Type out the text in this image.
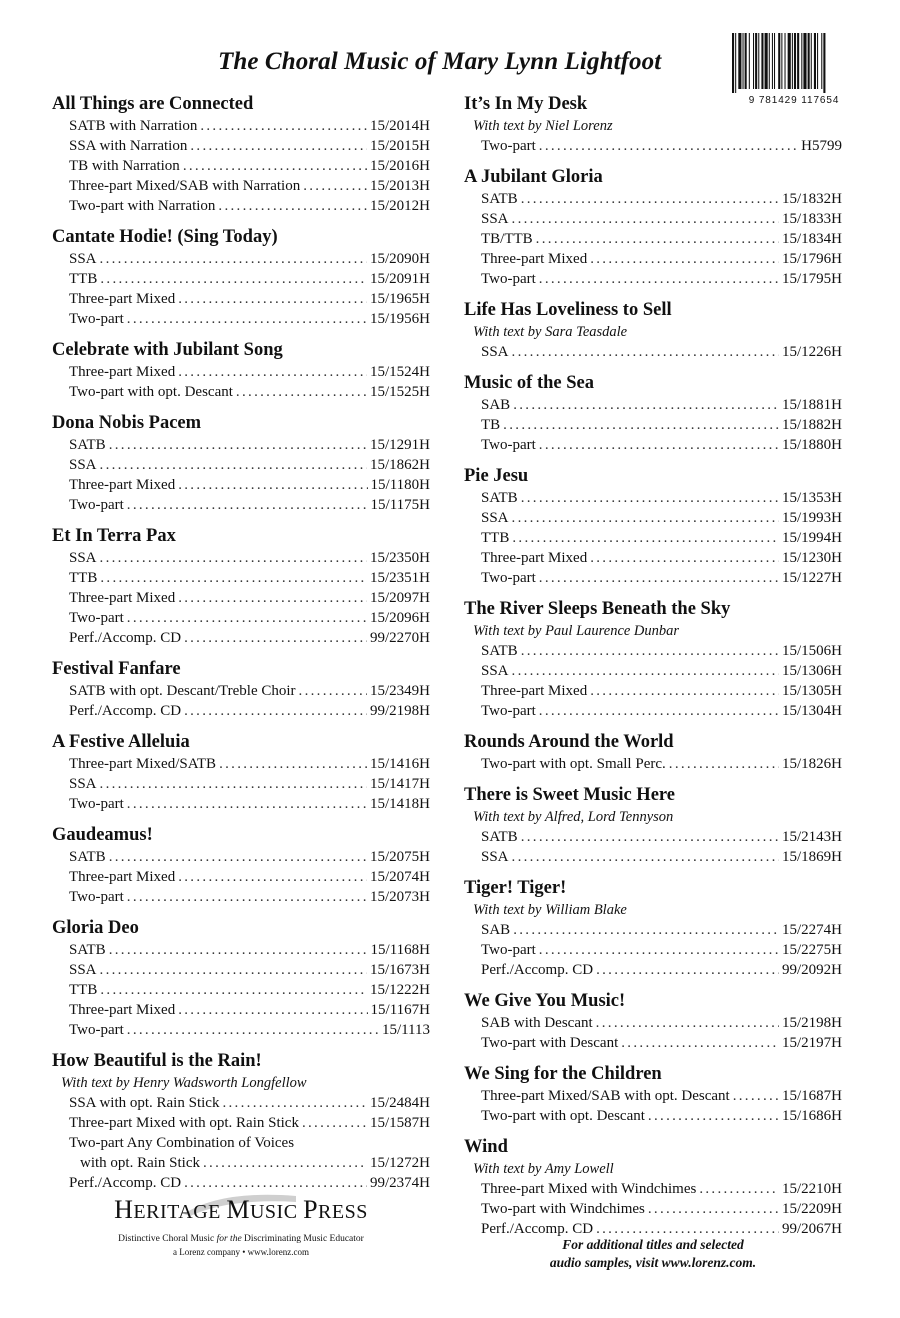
The Choral Music of Mary Lynn Lightfoot
9 781429 117654
All Things are Connected
SATB with Narration .....	15/2014H
SSA with Narration .....	15/2015H
TB with Narration .....	15/2016H
Three-part Mixed/SAB with Narration .....	15/2013H
Two-part with Narration .....	15/2012H
Cantate Hodie! (Sing Today)
SSA .....	15/2090H
TTB .....	15/2091H
Three-part Mixed .....	15/1965H
Two-part .....	15/1956H
Celebrate with Jubilant Song
Three-part Mixed .....	15/1524H
Two-part with opt. Descant .....	15/1525H
Dona Nobis Pacem
SATB .....	15/1291H
SSA .....	15/1862H
Three-part Mixed .....	15/1180H
Two-part .....	15/1175H
Et In Terra Pax
SSA .....	15/2350H
TTB .....	15/2351H
Three-part Mixed .....	15/2097H
Two-part .....	15/2096H
Perf./Accomp. CD .....	99/2270H
Festival Fanfare
SATB with opt. Descant/Treble Choir .....	15/2349H
Perf./Accomp. CD .....	99/2198H
A Festive Alleluia
Three-part Mixed/SATB .....	15/1416H
SSA .....	15/1417H
Two-part .....	15/1418H
Gaudeamus!
SATB .....	15/2075H
Three-part Mixed .....	15/2074H
Two-part .....	15/2073H
Gloria Deo
SATB .....	15/1168H
SSA .....	15/1673H
TTB .....	15/1222H
Three-part Mixed .....	15/1167H
Two-part .....	15/1113
How Beautiful is the Rain!
With text by Henry Wadsworth Longfellow
SSA with opt. Rain Stick .....	15/2484H
Three-part Mixed with opt. Rain Stick .....	15/1587H
Two-part Any Combination of Voices
with opt. Rain Stick .....	15/1272H
Perf./Accomp. CD .....	99/2374H
It’s In My Desk
With text by Niel Lorenz
Two-part .....	H5799
A Jubilant Gloria
SATB .....	15/1832H
SSA .....	15/1833H
TB/TTB .....	15/1834H
Three-part Mixed .....	15/1796H
Two-part .....	15/1795H
Life Has Loveliness to Sell
With text by Sara Teasdale
SSA .....	15/1226H
Music of the Sea
SAB .....	15/1881H
TB .....	15/1882H
Two-part .....	15/1880H
Pie Jesu
SATB .....	15/1353H
SSA .....	15/1993H
TTB .....	15/1994H
Three-part Mixed .....	15/1230H
Two-part .....	15/1227H
The River Sleeps Beneath the Sky
With text by Paul Laurence Dunbar
SATB .....	15/1506H
SSA .....	15/1306H
Three-part Mixed .....	15/1305H
Two-part .....	15/1304H
Rounds Around the World
Two-part with opt. Small Perc. .....	15/1826H
There is Sweet Music Here
With text by Alfred, Lord Tennyson
SATB .....	15/2143H
SSA .....	15/1869H
Tiger! Tiger!
With text by William Blake
SAB .....	15/2274H
Two-part .....	15/2275H
Perf./Accomp. CD .....	99/2092H
We Give You Music!
SAB with Descant .....	15/2198H
Two-part with Descant .....	15/2197H
We Sing for the Children
Three-part Mixed/SAB with opt. Descant .....	15/1687H
Two-part with opt. Descant .....	15/1686H
Wind
With text by Amy Lowell
Three-part Mixed with Windchimes .....	15/2210H
Two-part with Windchimes .....	15/2209H
Perf./Accomp. CD .....	99/2067H
HERITAGE MUSIC PRESS
Distinctive Choral Music for the Discriminating Music Educator
a Lorenz company • www.lorenz.com	For additional titles and selected
audio samples, visit www.lorenz.com.
